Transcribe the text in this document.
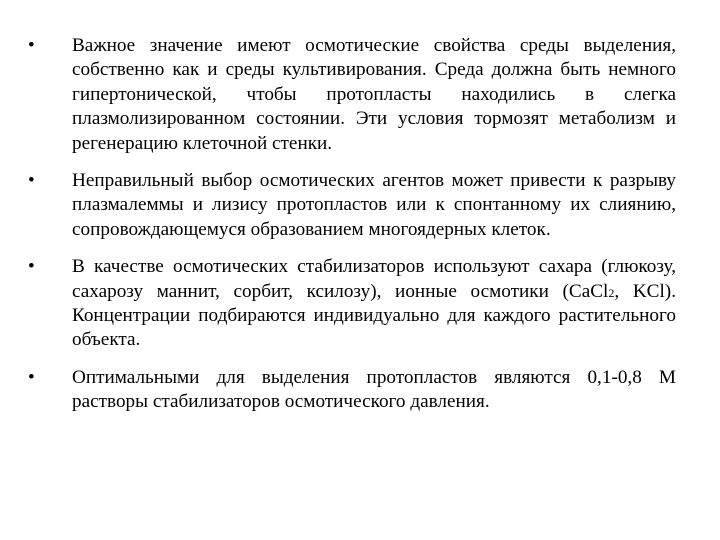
•	Важное значение имеют осмотические свойства среды выделения, собственно как и среды культивирования. Среда должна быть немного гипертонической, чтобы протопласты находились в слегка плазмолизированном состоянии. Эти условия тормозят метаболизм и регенерацию клеточной стенки.
•	Неправильный выбор осмотических агентов может привести к разрыву плазмалеммы и лизису протопластов или к спонтанному их слиянию, сопровождающемуся образованием многоядерных клеток.
•	В качестве осмотических стабилизаторов используют сахара (глюкозу, сахарозу маннит, сорбит, ксилозу), ионные осмотики (CaCl2, KCl). Концентрации подбираются индивидуально для каждого растительного объекта.
•	Оптимальными для выделения протопластов являются 0,1-0,8 М растворы стабилизаторов осмотического давления.
